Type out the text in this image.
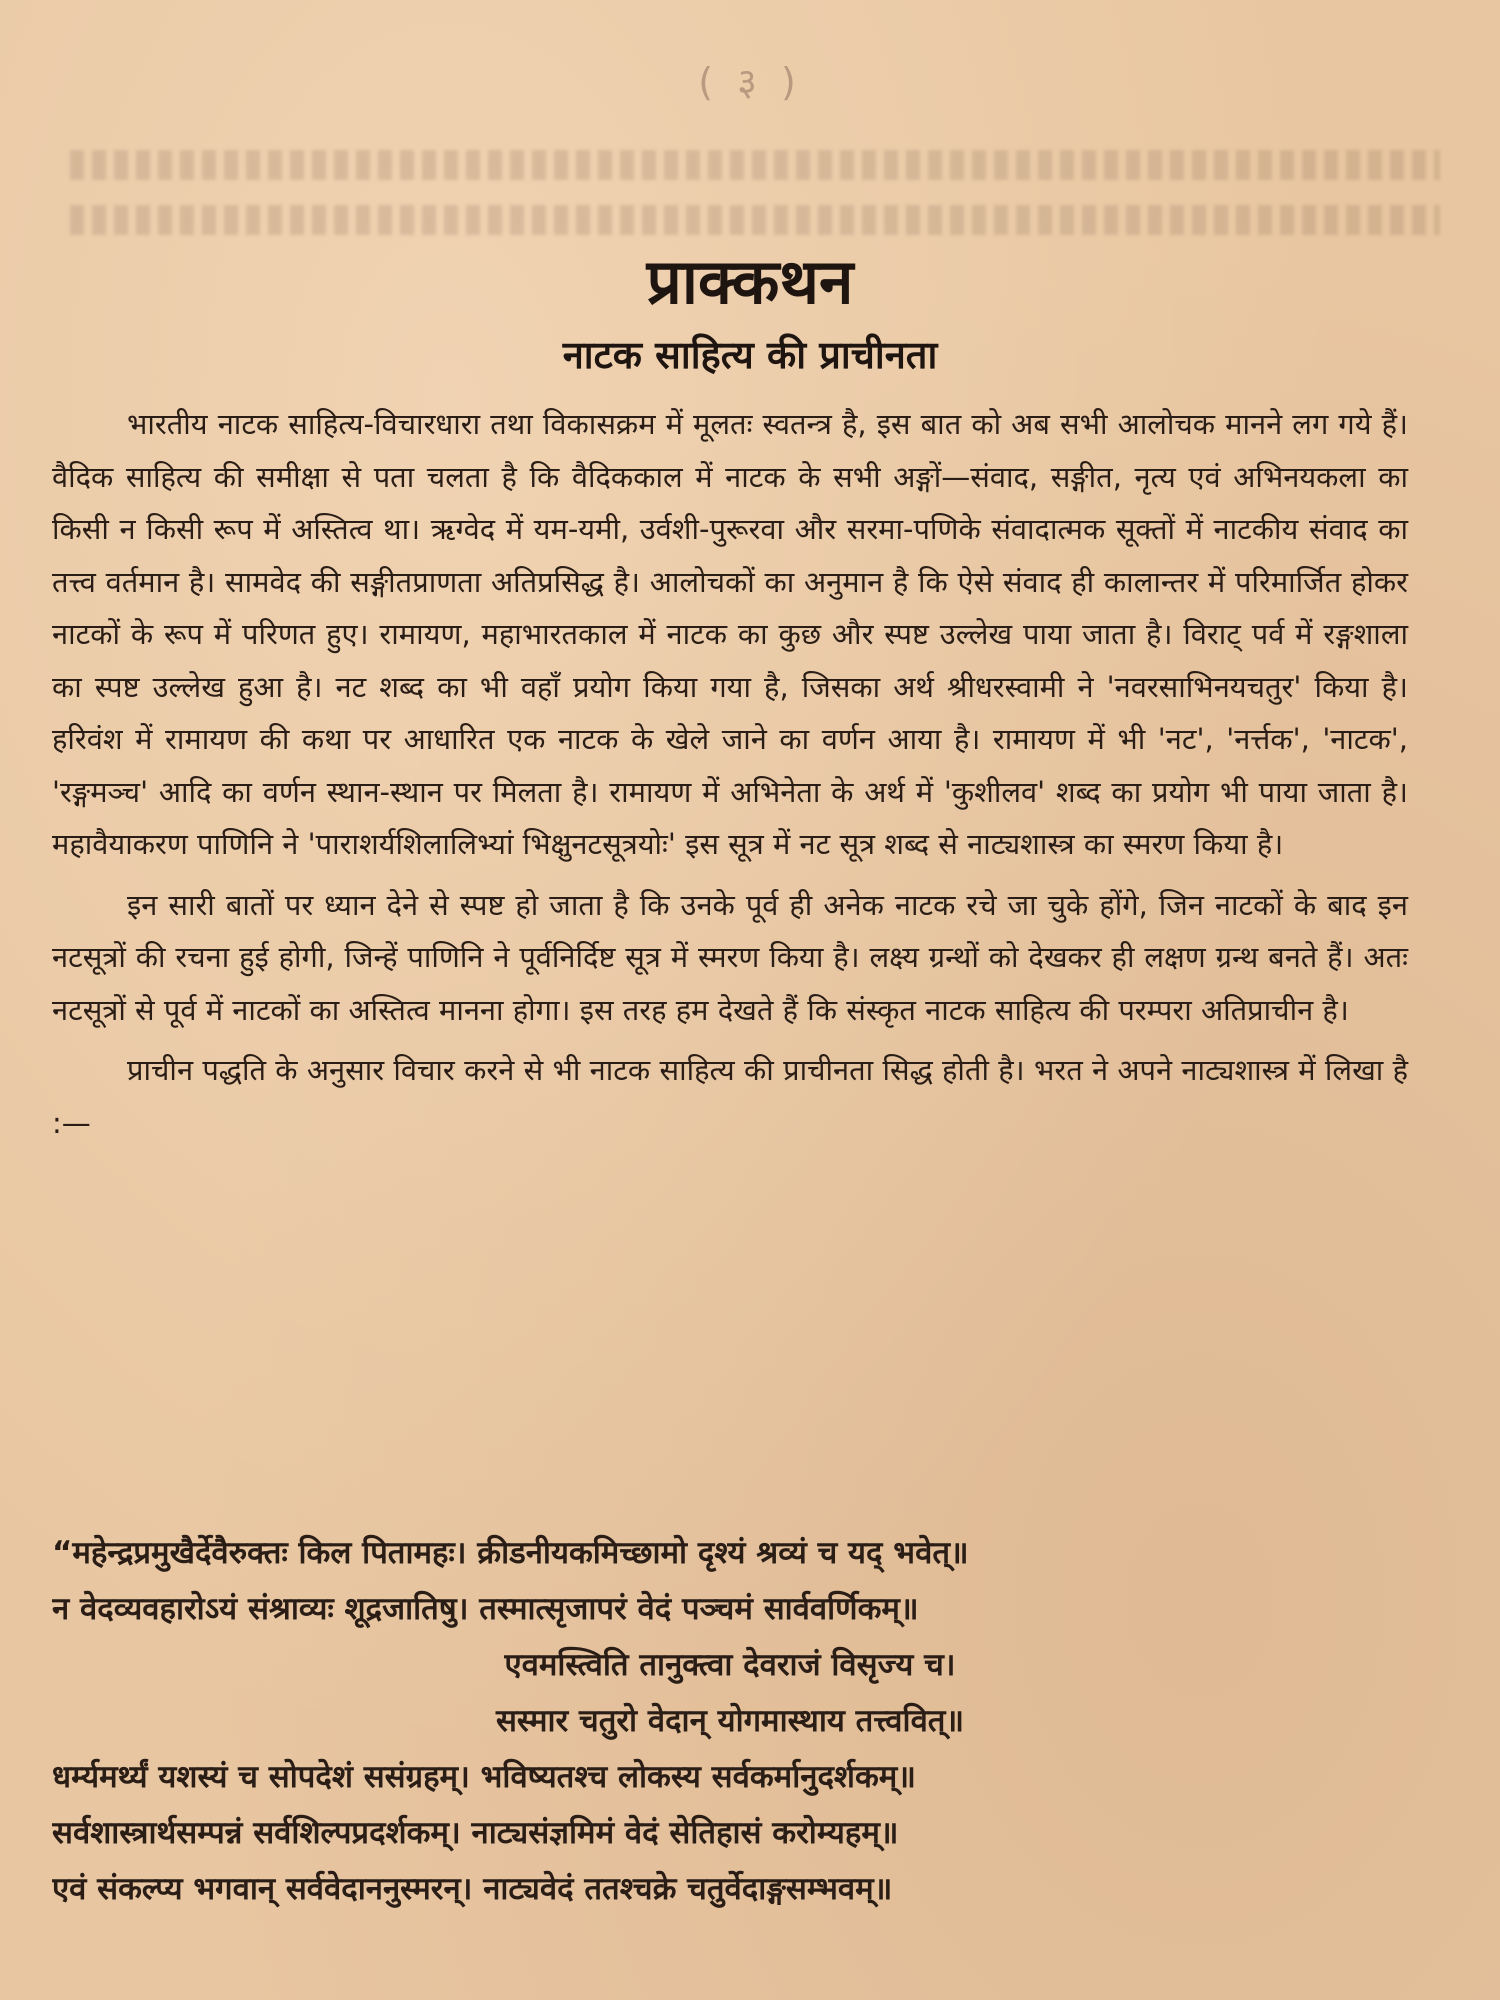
( ३ )
प्राक्कथन
नाटक साहित्य की प्राचीनता

भारतीय नाटक साहित्य-विचारधारा तथा विकासक्रम में मूलतः स्वतन्त्र है, इस बात को अब सभी आलोचक मानने लग गये हैं। वैदिक साहित्य की समीक्षा से पता चलता है कि वैदिककाल में नाटक के सभी अङ्गों—संवाद, सङ्गीत, नृत्य एवं अभिनयकला का किसी न किसी रूप में अस्तित्व था। ऋग्वेद में यम-यमी, उर्वशी-पुरूरवा और सरमा-पणिके संवादात्मक सूक्तों में नाटकीय संवाद का तत्त्व वर्तमान है। सामवेद की सङ्गीतप्राणता अतिप्रसिद्ध है। आलोचकों का अनुमान है कि ऐसे संवाद ही कालान्तर में परिमार्जित होकर नाटकों के रूप में परिणत हुए। रामायण, महाभारतकाल में नाटक का कुछ और स्पष्ट उल्लेख पाया जाता है। विराट् पर्व में रङ्गशाला का स्पष्ट उल्लेख हुआ है। नट शब्द का भी वहाँ प्रयोग किया गया है, जिसका अर्थ श्रीधरस्वामी ने 'नवरसाभिनयचतुर' किया है। हरिवंश में रामायण की कथा पर आधारित एक नाटक के खेले जाने का वर्णन आया है। रामायण में भी 'नट', 'नर्त्तक', 'नाटक', 'रङ्गमञ्च' आदि का वर्णन स्थान-स्थान पर मिलता है। रामायण में अभिनेता के अर्थ में 'कुशीलव' शब्द का प्रयोग भी पाया जाता है। महावैयाकरण पाणिनि ने 'पाराशर्यशिलालिभ्यां भिक्षुनटसूत्रयोः' इस सूत्र में नट सूत्र शब्द से नाट्यशास्त्र का स्मरण किया है।

इन सारी बातों पर ध्यान देने से स्पष्ट हो जाता है कि उनके पूर्व ही अनेक नाटक रचे जा चुके होंगे, जिन नाटकों के बाद इन नटसूत्रों की रचना हुई होगी, जिन्हें पाणिनि ने पूर्वनिर्दिष्ट सूत्र में स्मरण किया है। लक्ष्य ग्रन्थों को देखकर ही लक्षण ग्रन्थ बनते हैं। अतः नटसूत्रों से पूर्व में नाटकों का अस्तित्व मानना होगा। इस तरह हम देखते हैं कि संस्कृत नाटक साहित्य की परम्परा अतिप्राचीन है।

प्राचीन पद्धति के अनुसार विचार करने से भी नाटक साहित्य की प्राचीनता सिद्ध होती है। भरत ने अपने नाट्यशास्त्र में लिखा है :—

“महेन्द्रप्रमुखैर्देवैरुक्तः किल पितामहः। क्रीडनीयकमिच्छामो दृश्यं श्रव्यं च यद् भवेत्॥
न वेदव्यवहारोऽयं संश्राव्यः शूद्रजातिषु। तस्मात्सृजापरं वेदं पञ्चमं सार्ववर्णिकम्॥
एवमस्त्विति तानुक्त्वा देवराजं विसृज्य च।
सस्मार चतुरो वेदान् योगमास्थाय तत्त्ववित्॥
धर्म्यमर्थ्यं यशस्यं च सोपदेशं ससंग्रहम्। भविष्यतश्च लोकस्य सर्वकर्मानुदर्शकम्॥
सर्वशास्त्रार्थसम्पन्नं सर्वशिल्पप्रदर्शकम्। नाट्यसंज्ञमिमं वेदं सेतिहासं करोम्यहम्॥
एवं संकल्प्य भगवान् सर्ववेदाननुस्मरन्। नाट्यवेदं ततश्चक्रे चतुर्वेदाङ्गसम्भवम्॥
